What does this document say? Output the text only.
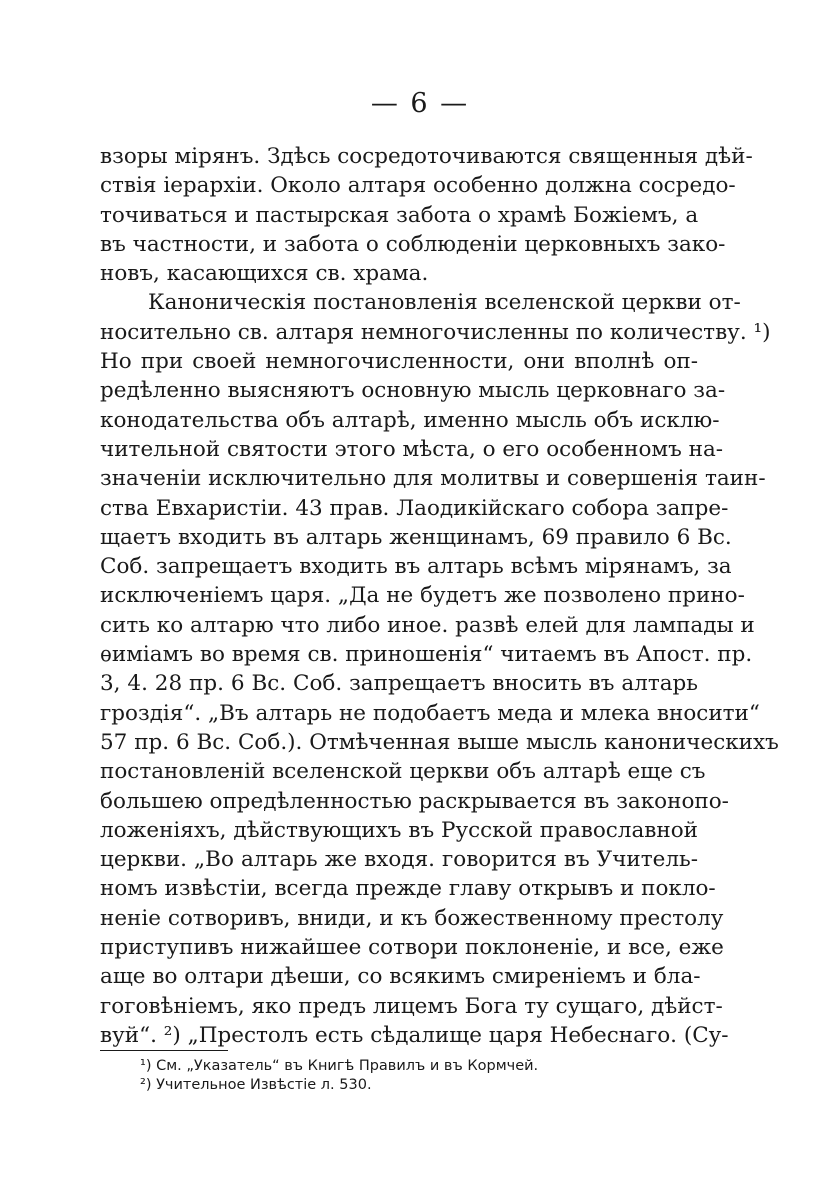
— 6 —
взоры мірянъ. Здѣсь сосредоточиваются священныя дѣй-
ствія іерархіи. Около алтаря особенно должна сосредо-
точиваться и пастырская забота о храмѣ Божіемъ, а
въ частности, и забота о соблюденіи церковныхъ зако-
новъ, касающихся св. храма.
Каноническія постановленія вселенской церкви от-
носительно св. алтаря немногочисленны по количеству. ¹)
Но при своей немногочисленности, они вполнѣ оп-
редѣленно выясняютъ основную мысль церковнаго за-
конодательства объ алтарѣ, именно мысль объ исклю-
чительной святости этого мѣста, о его особенномъ на-
значеніи исключительно для молитвы и совершенія таин-
ства Евхаристіи. 43 прав. Лаодикійскаго собора запре-
щаетъ входить въ алтарь женщинамъ, 69 правило 6 Вс.
Соб. запрещаетъ входить въ алтарь всѣмъ мірянамъ, за
исключеніемъ царя. „Да не будетъ же позволено прино-
сить ко алтарю что либо иное. развѣ елей для лампады и
ѳиміамъ во время св. приношенія“ читаемъ въ Апост. пр.
3, 4. 28 пр. 6 Вс. Соб. запрещаетъ вносить въ алтарь
гроздія“. „Въ алтарь не подобаетъ меда и млека вносити“
57 пр. 6 Вс. Соб.). Отмѣченная выше мысль каноническихъ
постановленій вселенской церкви объ алтарѣ еще съ
большею опредѣленностью раскрывается въ законопо-
ложеніяхъ, дѣйствующихъ въ Русской православной
церкви. „Во алтарь же входя. говорится въ Учитель-
номъ извѣстіи, всегда прежде главу открывъ и покло-
неніе сотворивъ, вниди, и къ божественному престолу
приступивъ нижайшее сотвори поклоненіе, и все, еже
аще во олтари дѣеши, со всякимъ смиреніемъ и бла-
гоговѣніемъ, яко предъ лицемъ Бога ту сущаго, дѣйст-
вуй“. ²) „Престолъ есть сѣдалище царя Небеснаго. (Су-
¹) См. „Указатель“ въ Книгѣ Правилъ и въ Кормчей.
²) Учительное Извѣстіе л. 530.
